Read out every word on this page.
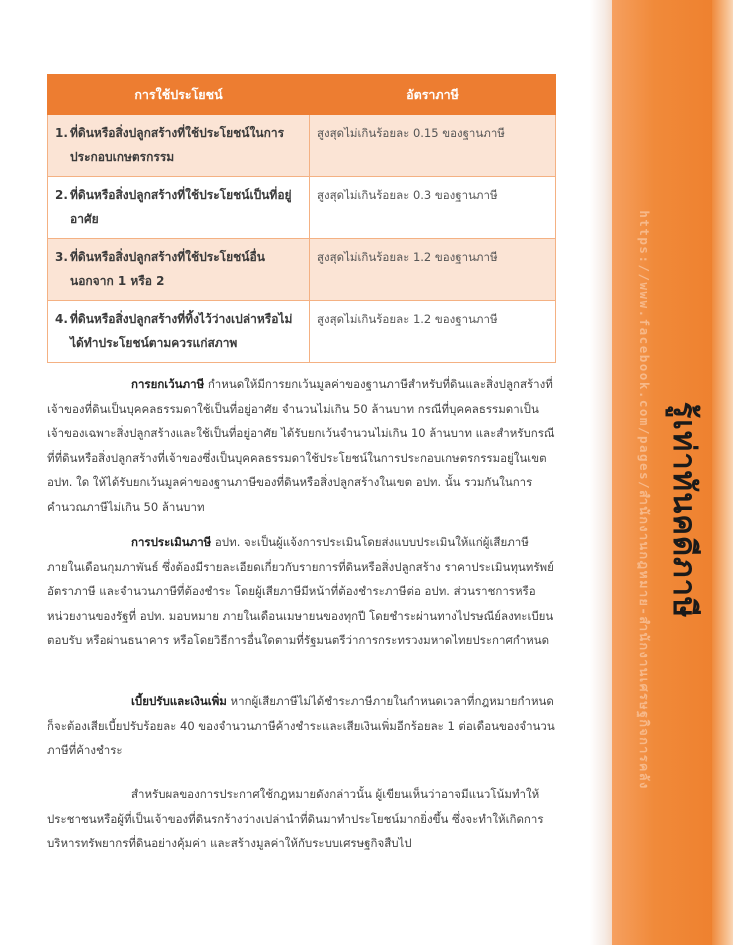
รู้เท่าทันคดีภาษี
https://www.facebook.com/pages/สำนักงานกฎหมาย-สำนักงานเศรษฐกิจการคลัง
การใช้ประโยชน์	อัตราภาษี

1. ที่ดินหรือสิ่งปลูกสร้างที่ใช้ประโยชน์ในการประกอบเกษตรกรรม	สูงสุดไม่เกินร้อยละ 0.15 ของฐานภาษี

2. ที่ดินหรือสิ่งปลูกสร้างที่ใช้ประโยชน์เป็นที่อยู่อาศัย	สูงสุดไม่เกินร้อยละ 0.3 ของฐานภาษี

3. ที่ดินหรือสิ่งปลูกสร้างที่ใช้ประโยชน์อื่นนอกจาก 1 หรือ 2	สูงสุดไม่เกินร้อยละ 1.2 ของฐานภาษี

4. ที่ดินหรือสิ่งปลูกสร้างที่ทิ้งไว้ว่างเปล่าหรือไม่ได้ทำประโยชน์ตามควรแก่สภาพ	สูงสุดไม่เกินร้อยละ 1.2 ของฐานภาษี

การยกเว้นภาษี กำหนดให้มีการยกเว้นมูลค่าของฐานภาษีสำหรับที่ดินและสิ่งปลูกสร้างที่เจ้าของที่ดินเป็นบุคคลธรรมดาใช้เป็นที่อยู่อาศัย จำนวนไม่เกิน 50 ล้านบาท กรณีที่บุคคลธรรมดาเป็นเจ้าของเฉพาะสิ่งปลูกสร้างและใช้เป็นที่อยู่อาศัย ได้รับยกเว้นจำนวนไม่เกิน 10 ล้านบาท และสำหรับกรณีที่ที่ดินหรือสิ่งปลูกสร้างที่เจ้าของซึ่งเป็นบุคคลธรรมดาใช้ประโยชน์ในการประกอบเกษตรกรรมอยู่ในเขต อปท. ใด ให้ได้รับยกเว้นมูลค่าของฐานภาษีของที่ดินหรือสิ่งปลูกสร้างในเขต อปท. นั้น รวมกันในการคำนวณภาษีไม่เกิน 50 ล้านบาท

การประเมินภาษี อปท. จะเป็นผู้แจ้งการประเมินโดยส่งแบบประเมินให้แก่ผู้เสียภาษีภายในเดือนกุมภาพันธ์ ซึ่งต้องมีรายละเอียดเกี่ยวกับรายการที่ดินหรือสิ่งปลูกสร้าง ราคาประเมินทุนทรัพย์ อัตราภาษี และจำนวนภาษีที่ต้องชำระ โดยผู้เสียภาษีมีหน้าที่ต้องชำระภาษีต่อ อปท. ส่วนราชการหรือหน่วยงานของรัฐที่ อปท. มอบหมาย ภายในเดือนเมษายนของทุกปี โดยชำระผ่านทางไปรษณีย์ลงทะเบียนตอบรับ หรือผ่านธนาคาร หรือโดยวิธีการอื่นใดตามที่รัฐมนตรีว่าการกระทรวงมหาดไทยประกาศกำหนด

เบี้ยปรับและเงินเพิ่ม หากผู้เสียภาษีไม่ได้ชำระภาษีภายในกำหนดเวลาที่กฎหมายกำหนด ก็จะต้องเสียเบี้ยปรับร้อยละ 40 ของจำนวนภาษีค้างชำระและเสียเงินเพิ่มอีกร้อยละ 1 ต่อเดือนของจำนวนภาษีที่ค้างชำระ

สำหรับผลของการประกาศใช้กฎหมายดังกล่าวนั้น ผู้เขียนเห็นว่าอาจมีแนวโน้มทำให้ประชาชนหรือผู้ที่เป็นเจ้าของที่ดินรกร้างว่างเปล่านำที่ดินมาทำประโยชน์มากยิ่งขึ้น ซึ่งจะทำให้เกิดการบริหารทรัพยากรที่ดินอย่างคุ้มค่า และสร้างมูลค่าให้กับระบบเศรษฐกิจสืบไป
